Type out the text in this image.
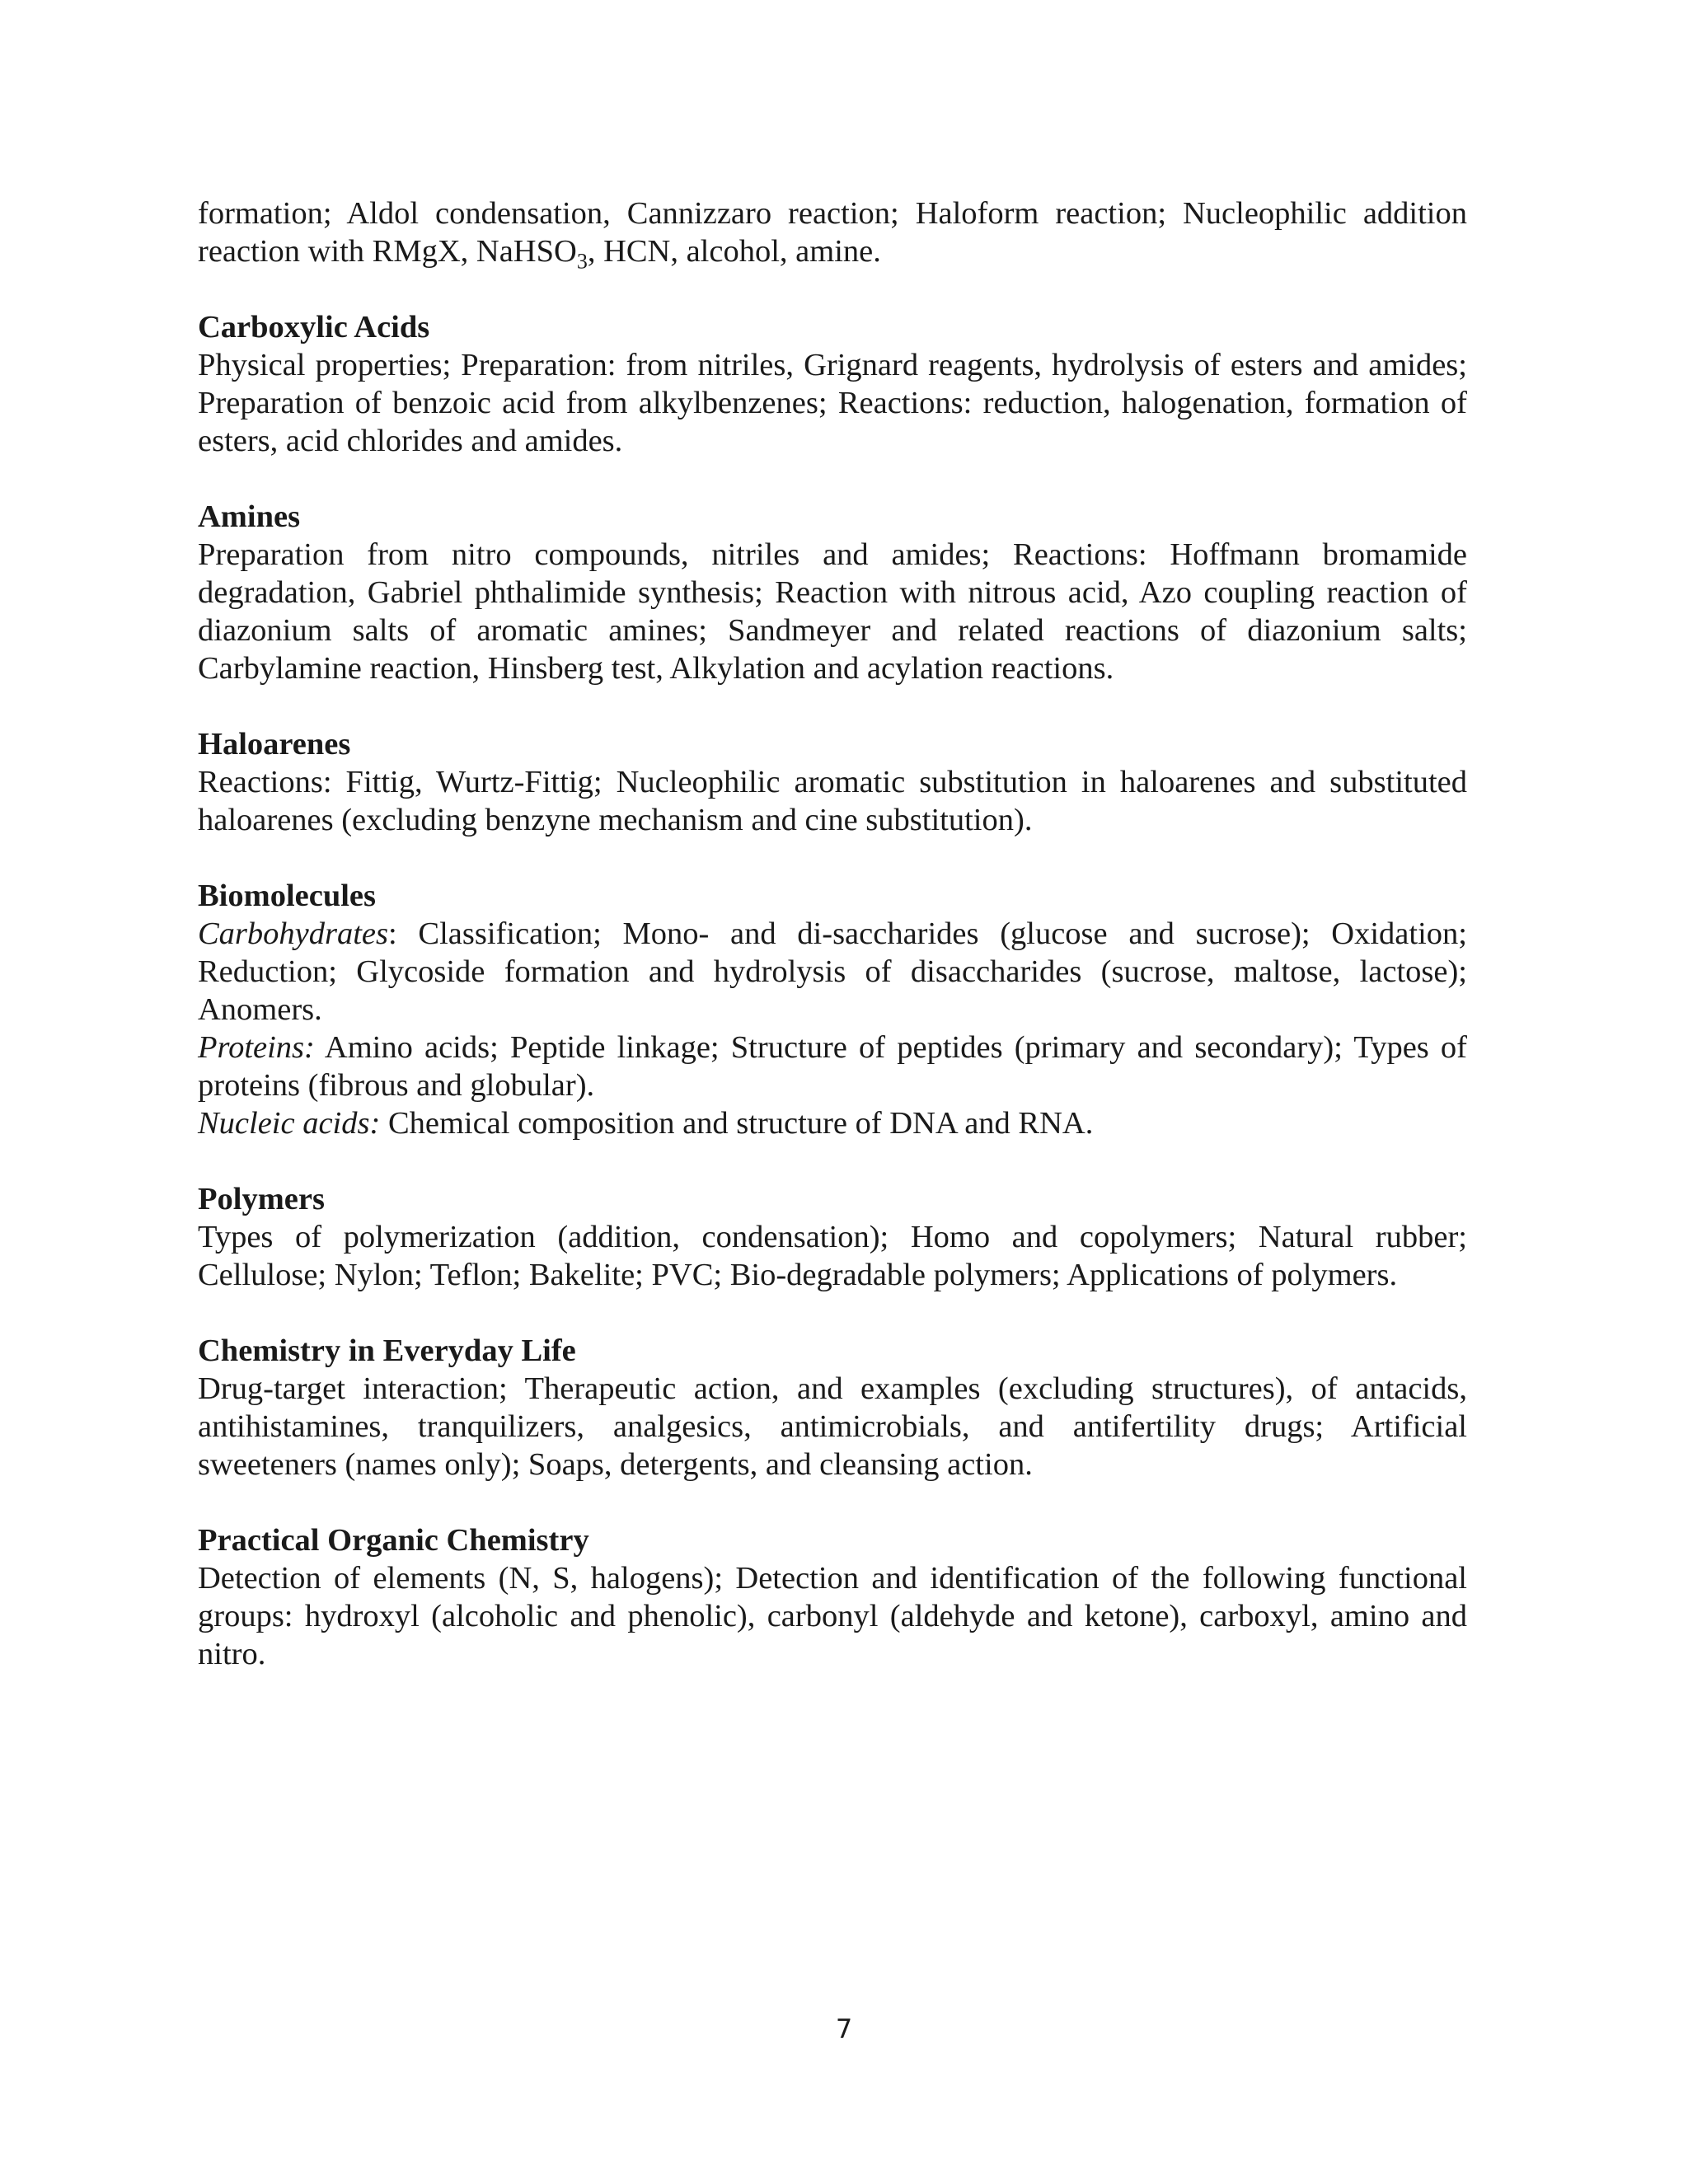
formation; Aldol condensation, Cannizzaro reaction; Haloform reaction; Nucleophilic addition reaction with RMgX, NaHSO$_3$, HCN, alcohol, amine.

Carboxylic Acids

Physical properties; Preparation: from nitriles, Grignard reagents, hydrolysis of esters and amides; Preparation of benzoic acid from alkylbenzenes; Reactions: reduction, halogenation, formation of esters, acid chlorides and amides.

Amines

Preparation from nitro compounds, nitriles and amides; Reactions: Hoffmann bromamide degradation, Gabriel phthalimide synthesis; Reaction with nitrous acid, Azo coupling reaction of diazonium salts of aromatic amines; Sandmeyer and related reactions of diazonium salts; Carbylamine reaction, Hinsberg test, Alkylation and acylation reactions.

Haloarenes

Reactions: Fittig, Wurtz-Fittig; Nucleophilic aromatic substitution in haloarenes and substituted haloarenes (excluding benzyne mechanism and cine substitution).

Biomolecules

Carbohydrates: Classification; Mono- and di-saccharides (glucose and sucrose); Oxidation; Reduction; Glycoside formation and hydrolysis of disaccharides (sucrose, maltose, lactose); Anomers.

Proteins: Amino acids; Peptide linkage; Structure of peptides (primary and secondary); Types of proteins (fibrous and globular).

Nucleic acids: Chemical composition and structure of DNA and RNA.

Polymers

Types of polymerization (addition, condensation); Homo and copolymers; Natural rubber; Cellulose; Nylon; Teflon; Bakelite; PVC; Bio-degradable polymers; Applications of polymers.

Chemistry in Everyday Life

Drug-target interaction; Therapeutic action, and examples (excluding structures), of antacids, antihistamines, tranquilizers, analgesics, antimicrobials, and antifertility drugs; Artificial sweeteners (names only); Soaps, detergents, and cleansing action.

Practical Organic Chemistry

Detection of elements (N, S, halogens); Detection and identification of the following functional groups: hydroxyl (alcoholic and phenolic), carbonyl (aldehyde and ketone), carboxyl, amino and nitro.

7
